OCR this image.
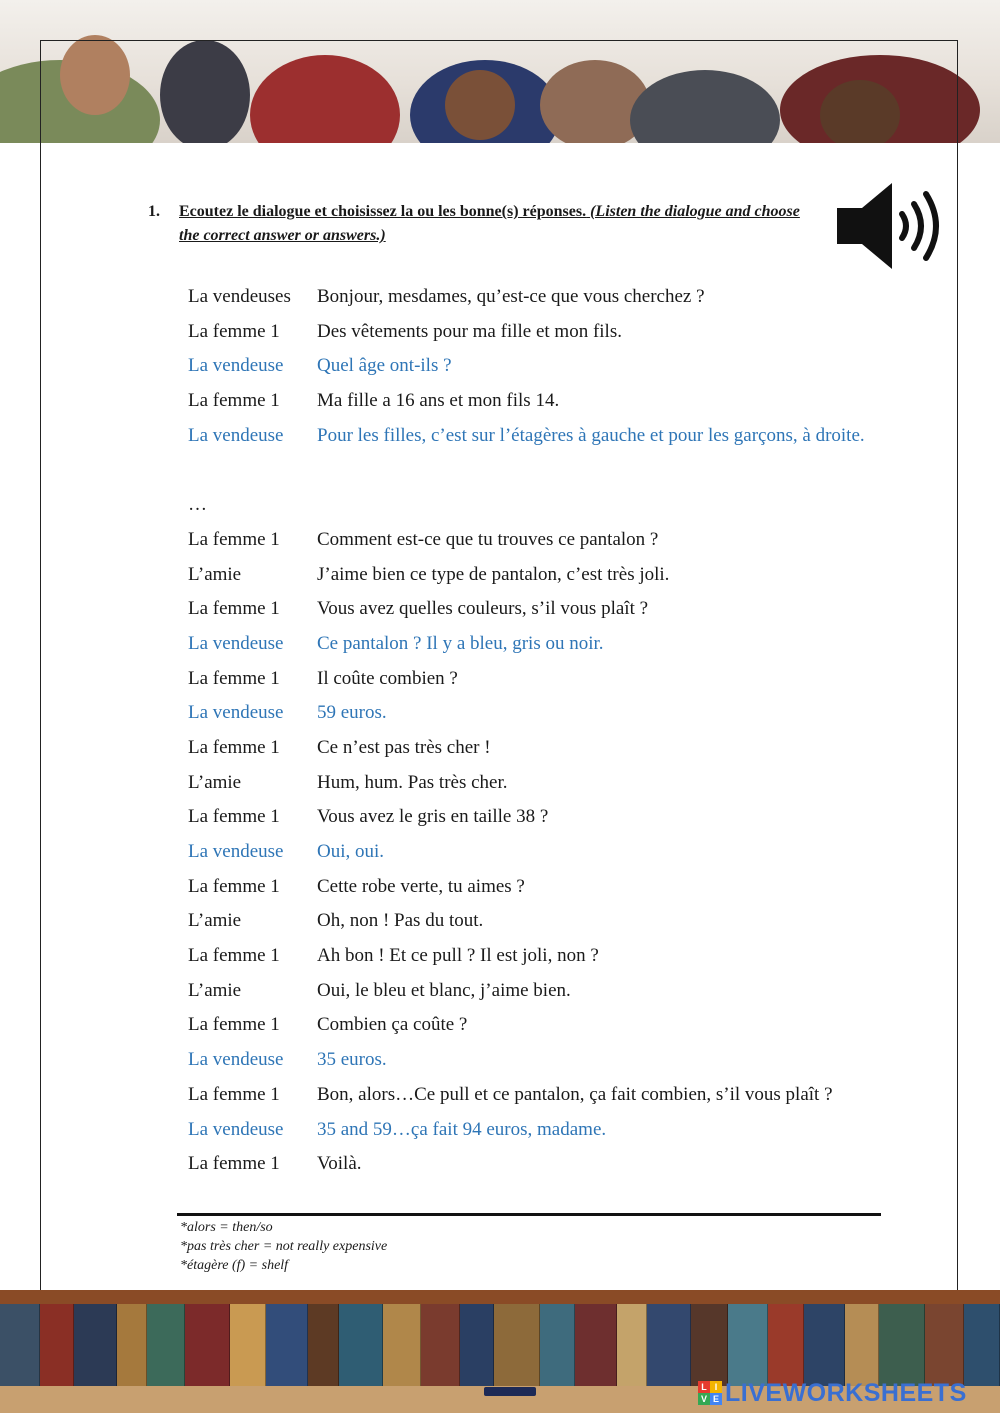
1. Ecoutez le dialogue et choisissez la ou les bonne(s) réponses. (Listen the dialogue and choose the correct answer or answers.)
La vendeuses	Bonjour, mesdames, qu’est-ce que vous cherchez ?
La femme 1	Des vêtements pour ma fille et mon fils.
La vendeuse	Quel âge ont-ils ?
La femme 1	Ma fille a 16 ans et mon fils 14.
La vendeuse	Pour les filles, c’est sur l’étagères à gauche et pour les garçons, à droite.
…
La femme 1	Comment est-ce que tu trouves ce pantalon ?
L’amie	J’aime bien ce type de pantalon, c’est très joli.
La femme 1	Vous avez quelles couleurs, s’il vous plaît ?
La vendeuse	Ce pantalon ? Il y a bleu, gris ou noir.
La femme 1	Il coûte combien ?
La vendeuse	59 euros.
La femme 1	Ce n’est pas très cher !
L’amie	Hum, hum. Pas très cher.
La femme 1	Vous avez le gris en taille 38 ?
La vendeuse	Oui, oui.
La femme 1	Cette robe verte, tu aimes ?
L’amie	Oh, non ! Pas du tout.
La femme 1	Ah bon ! Et ce pull ? Il est joli, non ?
L’amie	Oui, le bleu et blanc, j’aime bien.
La femme 1	Combien ça coûte ?
La vendeuse	35 euros.
La femme 1	Bon, alors…Ce pull et ce pantalon, ça fait combien, s’il vous plaît ?
La vendeuse	35 and 59…ça fait 94 euros, madame.
La femme 1	Voilà.
*alors = then/so
*pas très cher = not really expensive
*étagère (f) = shelf
L I
V E LIVEWORKSHEETS
